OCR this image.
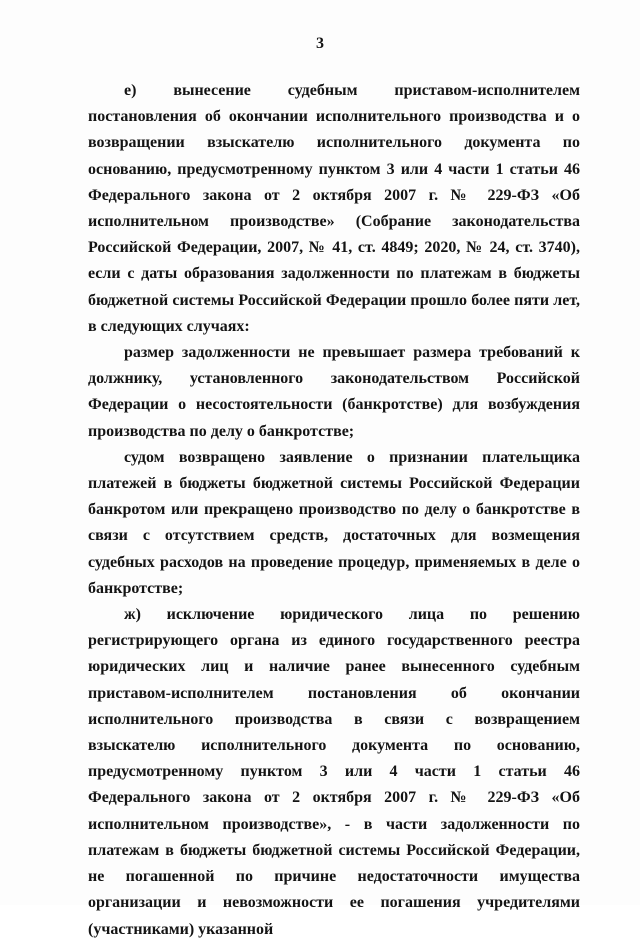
3

е) вынесение судебным приставом-исполнителем постановления об окончании исполнительного производства и о возвращении взыскателю исполнительного документа по основанию, предусмотренному пунктом 3 или 4 части 1 статьи 46 Федерального закона от 2 октября 2007 г. № 229-ФЗ «Об исполнительном производстве» (Собрание законодательства Российской Федерации, 2007, № 41, ст. 4849; 2020, № 24, ст. 3740), если с даты образования задолженности по платежам в бюджеты бюджетной системы Российской Федерации прошло более пяти лет, в следующих случаях:

размер задолженности не превышает размера требований к должнику, установленного законодательством Российской Федерации о несостоятельности (банкротстве) для возбуждения производства по делу о банкротстве;

судом возвращено заявление о признании плательщика платежей в бюджеты бюджетной системы Российской Федерации банкротом или прекращено производство по делу о банкротстве в связи с отсутствием средств, достаточных для возмещения судебных расходов на проведение процедур, применяемых в деле о банкротстве;

ж) исключение юридического лица по решению регистрирующего органа из единого государственного реестра юридических лиц и наличие ранее вынесенного судебным приставом-исполнителем постановления об окончании исполнительного производства в связи с возвращением взыскателю исполнительного документа по основанию, предусмотренному пунктом 3 или 4 части 1 статьи 46 Федерального закона от 2 октября 2007 г. № 229-ФЗ «Об исполнительном производстве», - в части задолженности по платежам в бюджеты бюджетной системы Российской Федерации, не погашенной по причине недостаточности имущества организации и невозможности ее погашения учредителями (участниками) указанной
